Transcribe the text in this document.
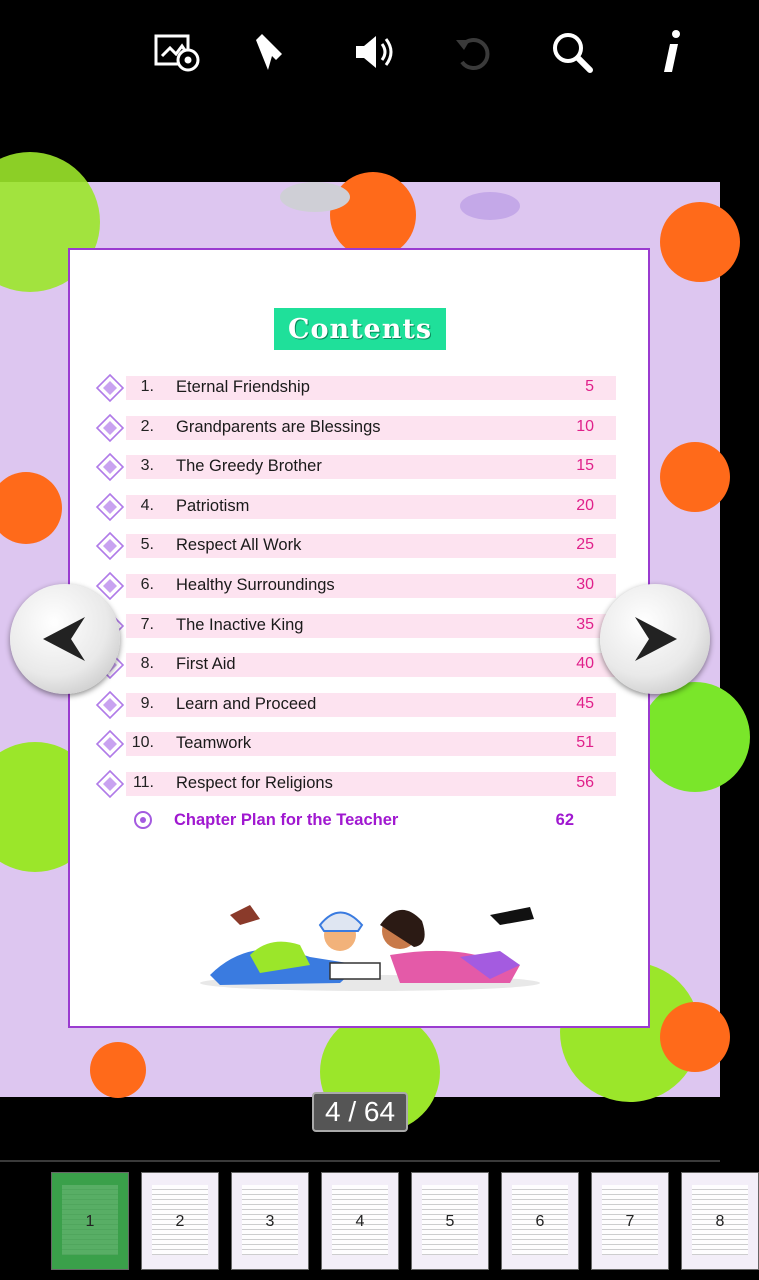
Contents
1. Eternal Friendship	5
2. Grandparents are Blessings	10
3. The Greedy Brother	15
4. Patriotism	20
5. Respect All Work	25
6. Healthy Surroundings	30
7. The Inactive King	35
8. First Aid	40
9. Learn and Proceed	45
10. Teamwork	51
11. Respect for Religions	56
Chapter Plan for the Teacher	62
4 / 64
1	2	3	4	5	6	7	8
